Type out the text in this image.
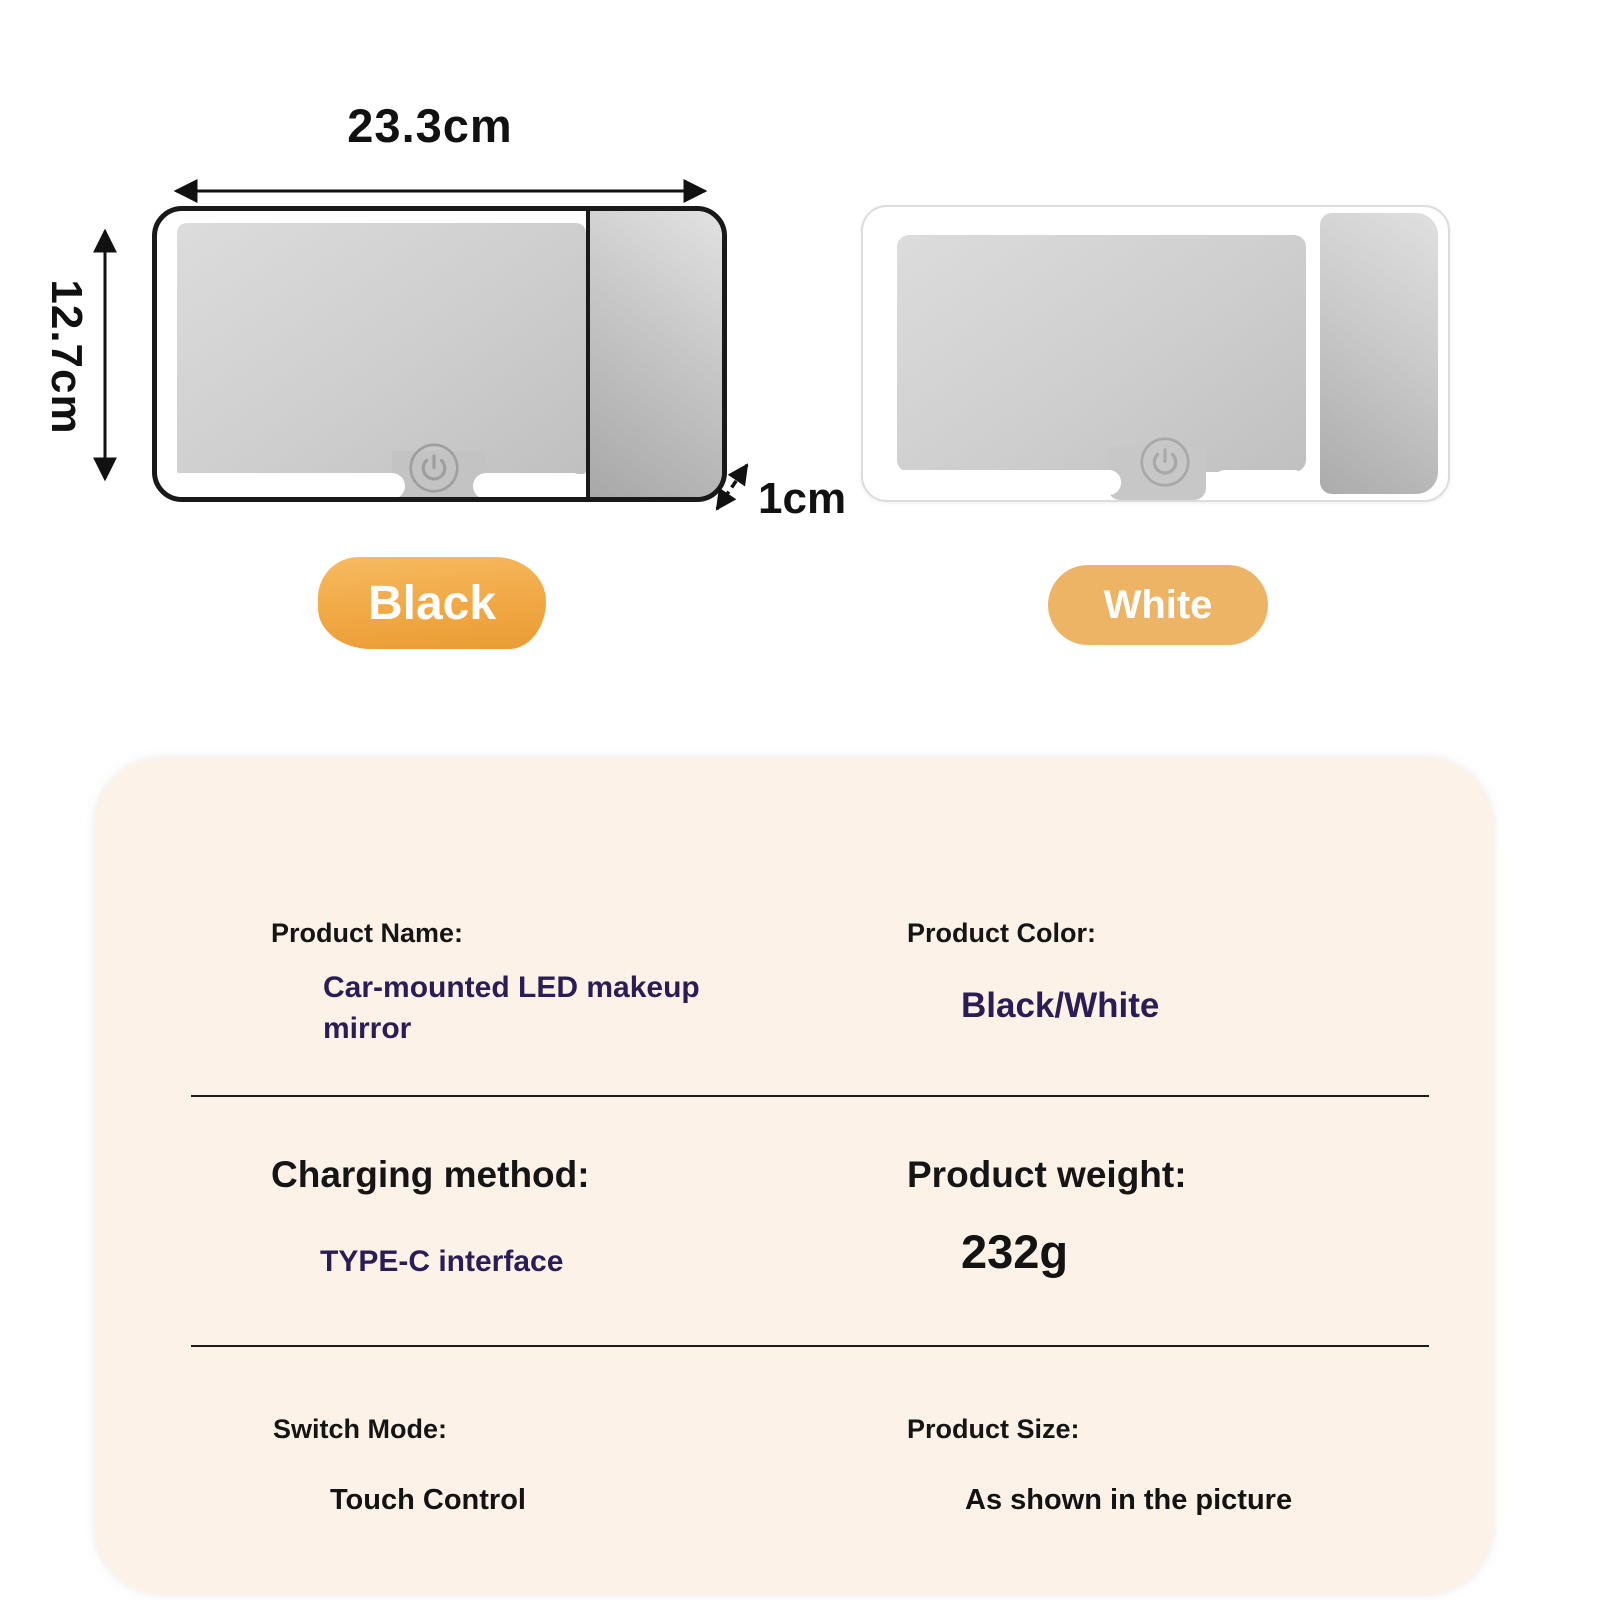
23.3cm
12.7cm
1cm
Black	White
Product Name:	Product Color:
Car-mounted LED makeup mirror
Black/White
Charging method:	Product weight:
TYPE-C interface	232g
Switch Mode:	Product Size:
Touch Control	As shown in the picture
